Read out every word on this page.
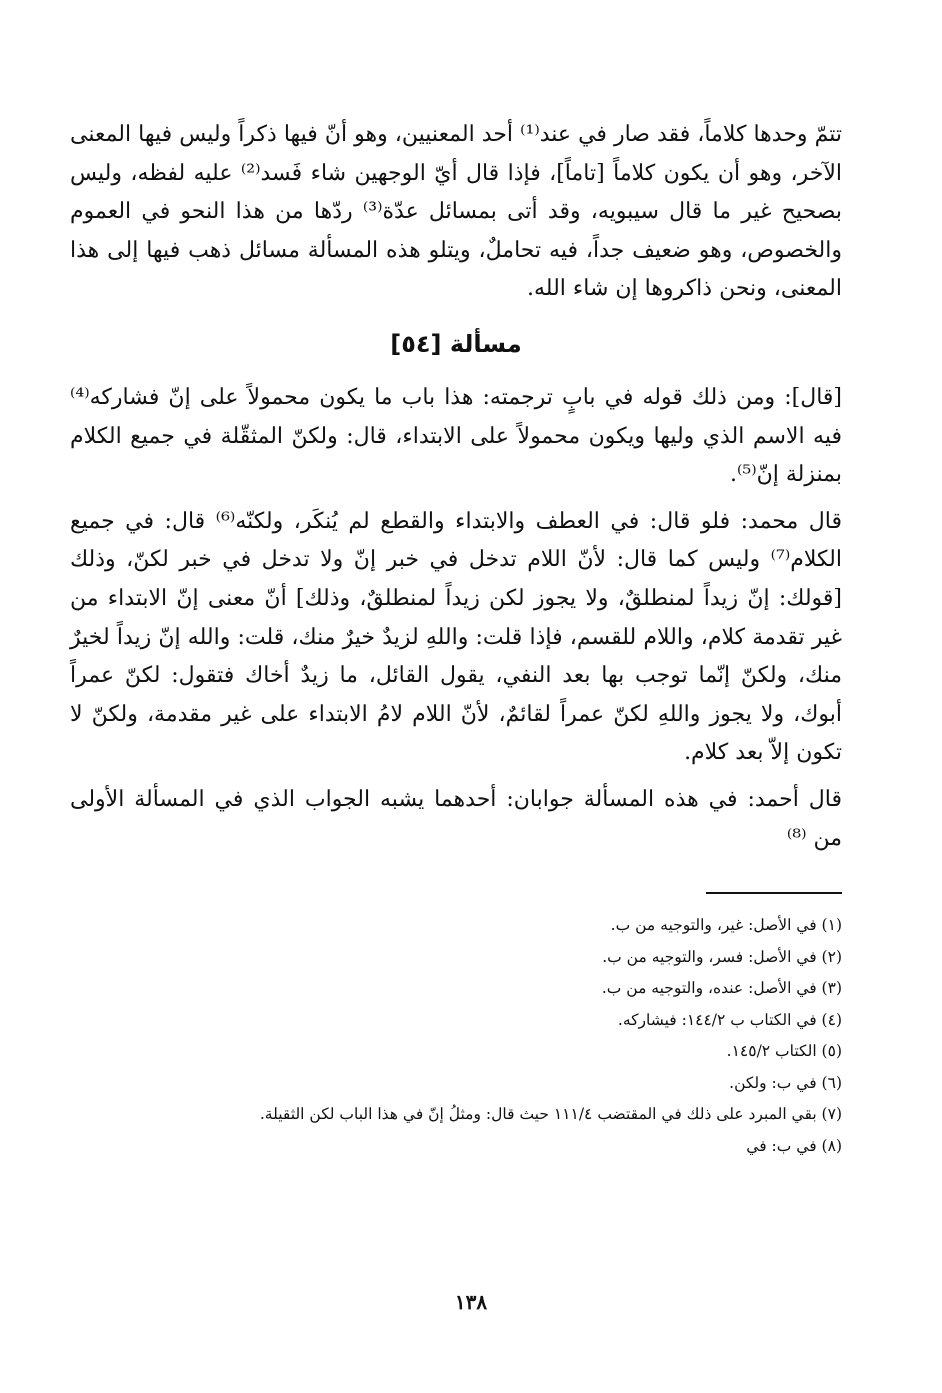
تتمّ وحدها كلاماً، فقد صار في عند⁽¹⁾ أحد المعنيين، وهو أنّ فيها ذكراً وليس فيها المعنى الآخر، وهو أن يكون كلاماً [تاماً]، فإذا قال أيّ الوجهين شاء فَسد⁽²⁾ عليه لفظه، وليس بصحيح غير ما قال سيبويه، وقد أتى بمسائل عدّة⁽³⁾ ردّها من هذا النحو في العموم والخصوص، وهو ضعيف جداً، فيه تحاملٌ، ويتلو هذه المسألة مسائل ذهب فيها إلى هذا المعنى، ونحن ذاكروها إن شاء الله.

مسألة [٥٤]

[قال]: ومن ذلك قوله في بابٍ ترجمته: هذا باب ما يكون محمولاً على إنّ فشاركه⁽⁴⁾ فيه الاسم الذي وليها ويكون محمولاً على الابتداء، قال: ولكنّ المثقّلة في جميع الكلام بمنزلة إنّ⁽⁵⁾.

قال محمد: فلو قال: في العطف والابتداء والقطع لم يُنكَر، ولكنّه⁽⁶⁾ قال: في جميع الكلام⁽⁷⁾ وليس كما قال: لأنّ اللام تدخل في خبر إنّ ولا تدخل في خبر لكنّ، وذلك [قولك: إنّ زيداً لمنطلقٌ، ولا يجوز لكن زيداً لمنطلقٌ، وذلك] أنّ معنى إنّ الابتداء من غير تقدمة كلام، واللام للقسم، فإذا قلت: واللهِ لزيدٌ خيرٌ منك، قلت: والله إنّ زيداً لخيرٌ منك، ولكنّ إنّما توجب بها بعد النفي، يقول القائل، ما زيدٌ أخاك فتقول: لكنّ عمراً أبوك، ولا يجوز واللهِ لكنّ عمراً لقائمٌ، لأنّ اللام لامُ الابتداء على غير مقدمة، ولكنّ لا تكون إلاّ بعد كلام.

قال أحمد: في هذه المسألة جوابان: أحدهما يشبه الجواب الذي في المسألة الأولى من ⁽⁸⁾

(١) في الأصل: غير، والتوجيه من ب.
(٢) في الأصل: فسر، والتوجيه من ب.
(٣) في الأصل: عنده، والتوجيه من ب.
(٤) في الكتاب ب ١٤٤/٢: فيشاركه.
(٥) الكتاب ١٤٥/٢.
(٦) في ب: ولكن.
(٧) بقي المبرد على ذلك في المقتضب ١١١/٤ حيث قال: ومثلُ إنّ في هذا الباب لكن الثقيلة.
(٨) في ب: في
١٣٨
